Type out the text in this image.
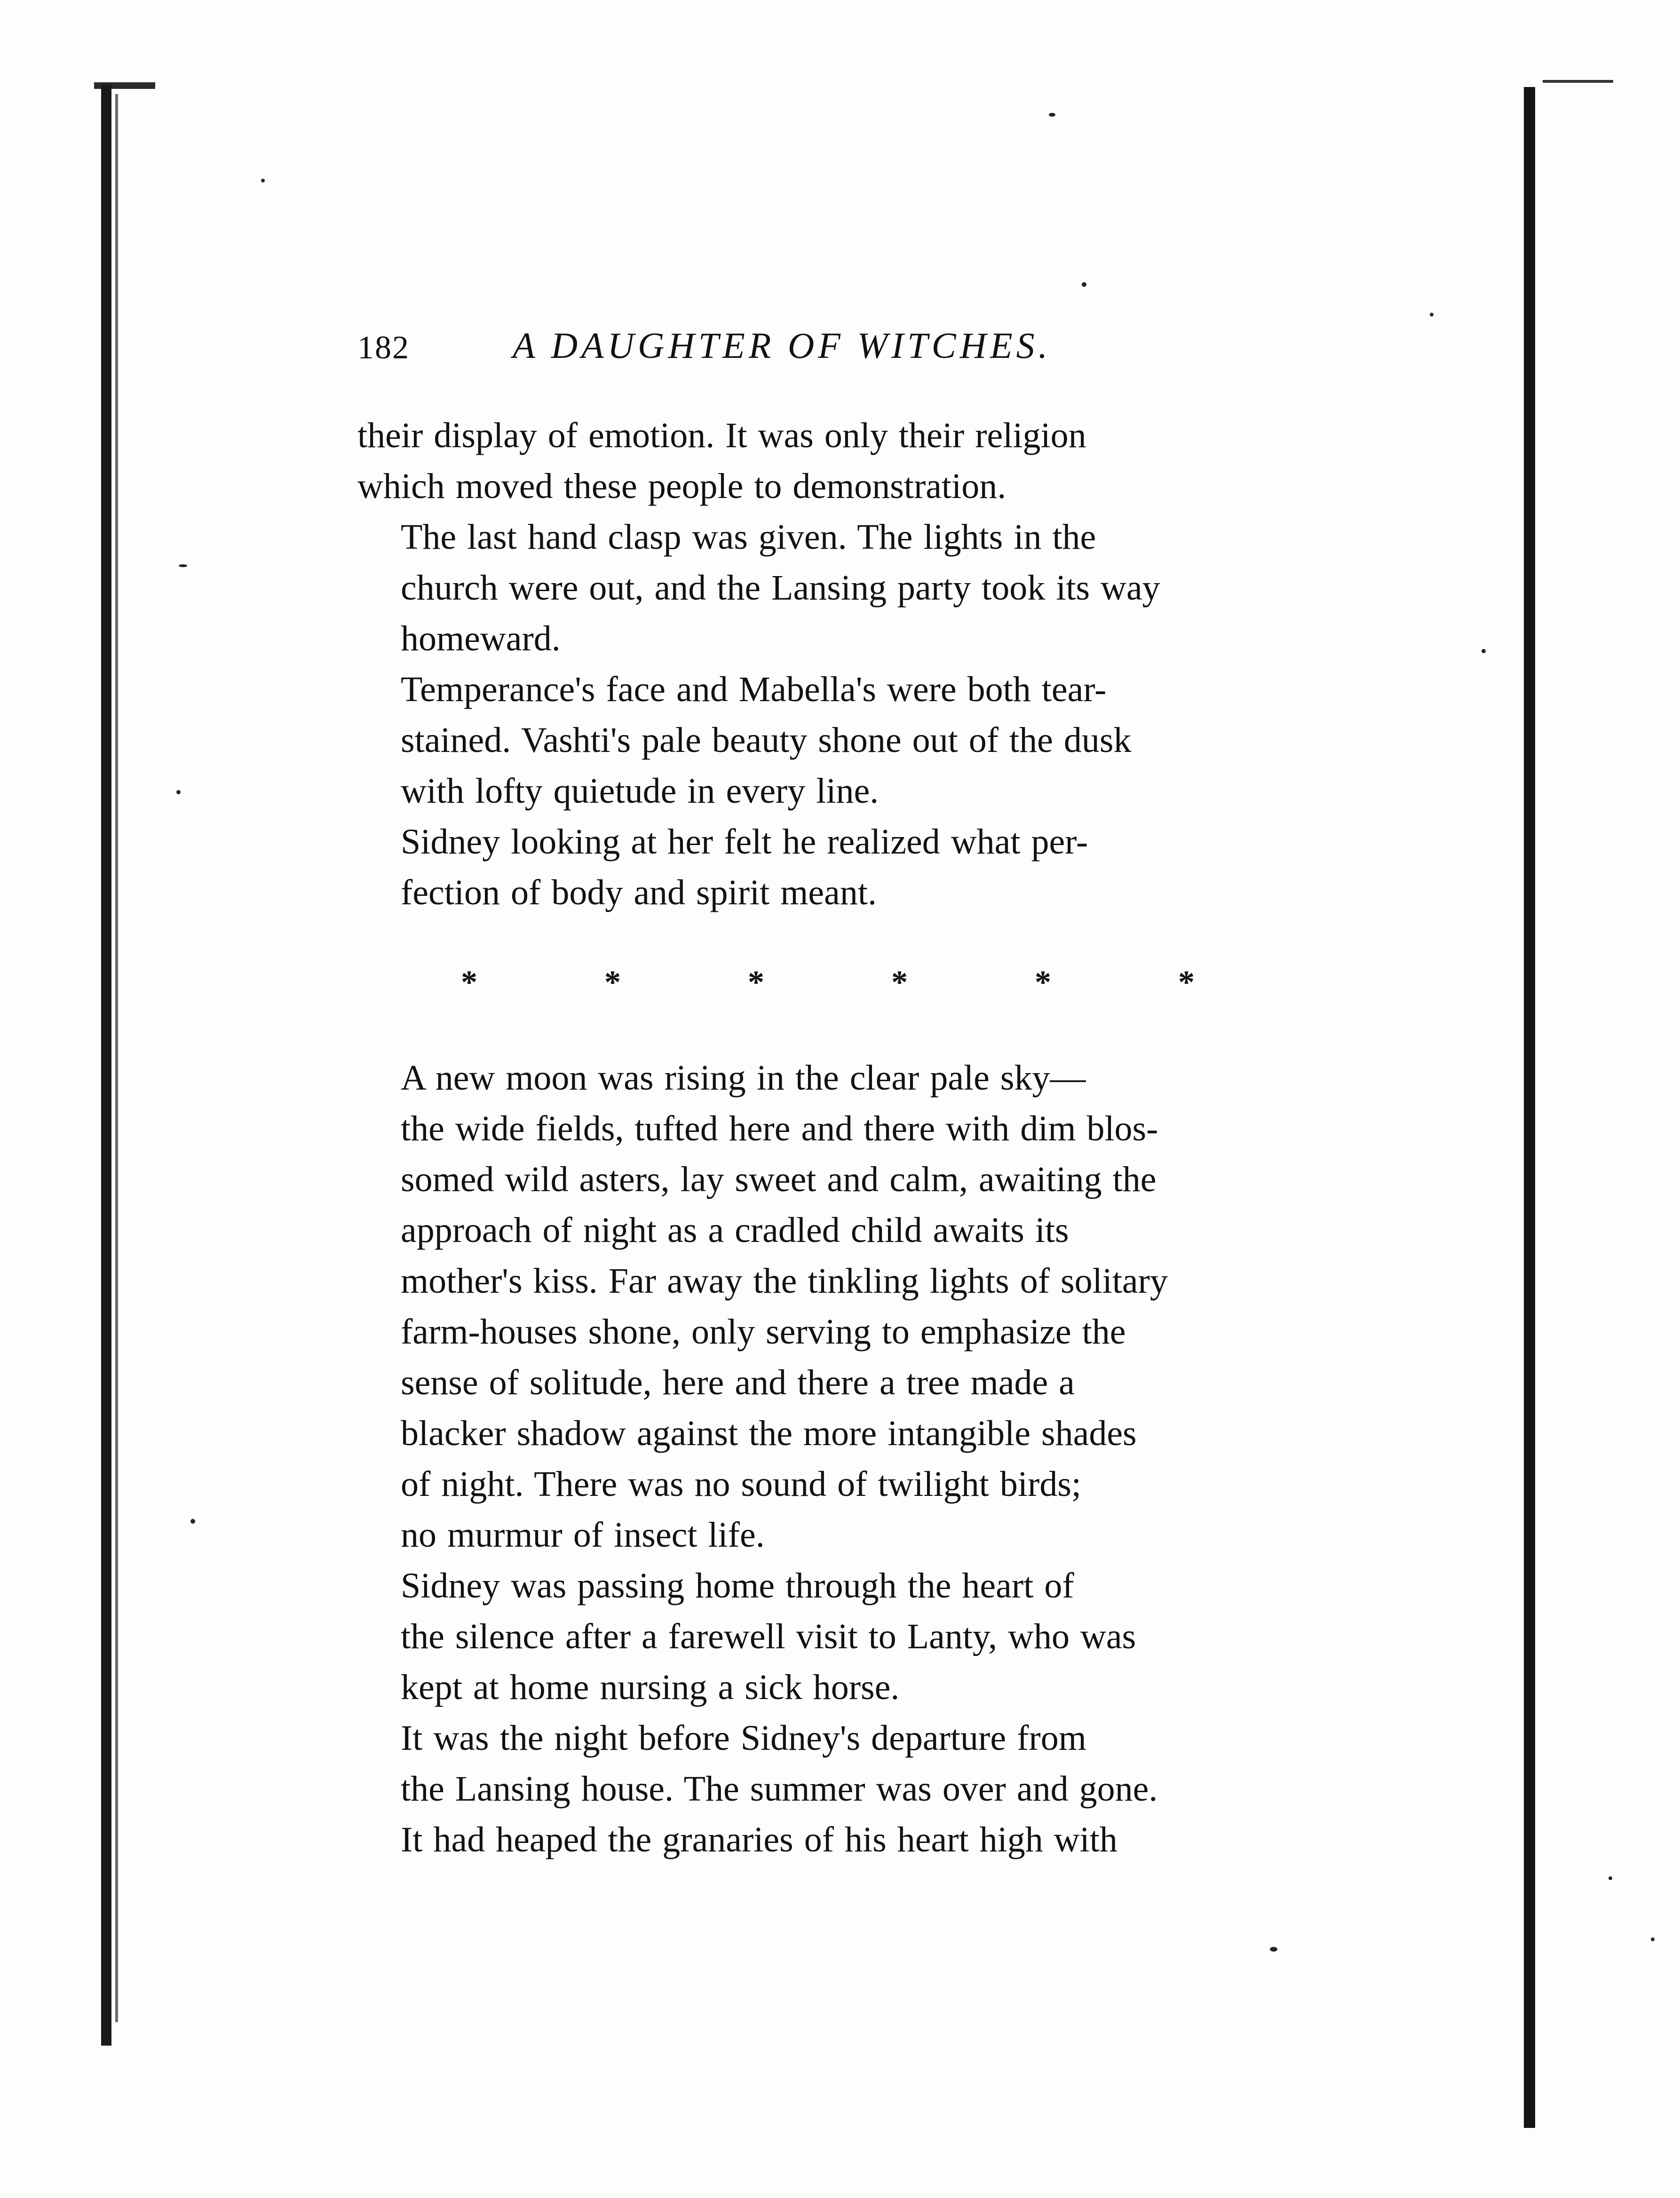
182	A DAUGHTER OF WITCHES.

their display of emotion. It was only their religion
which moved these people to demonstration.

The last hand clasp was given. The lights in the
church were out, and the Lansing party took its way
homeward.

Temperance's face and Mabella's were both tear-
stained. Vashti's pale beauty shone out of the dusk
with lofty quietude in every line.

Sidney looking at her felt he realized what per-
fection of body and spirit meant.

*	*	*	*	*	*

A new moon was rising in the clear pale sky—
the wide fields, tufted here and there with dim blos-
somed wild asters, lay sweet and calm, awaiting the
approach of night as a cradled child awaits its
mother's kiss. Far away the tinkling lights of solitary
farm-houses shone, only serving to emphasize the
sense of solitude, here and there a tree made a
blacker shadow against the more intangible shades
of night. There was no sound of twilight birds;
no murmur of insect life.

Sidney was passing home through the heart of
the silence after a farewell visit to Lanty, who was
kept at home nursing a sick horse.

It was the night before Sidney's departure from
the Lansing house. The summer was over and gone.
It had heaped the granaries of his heart high with
